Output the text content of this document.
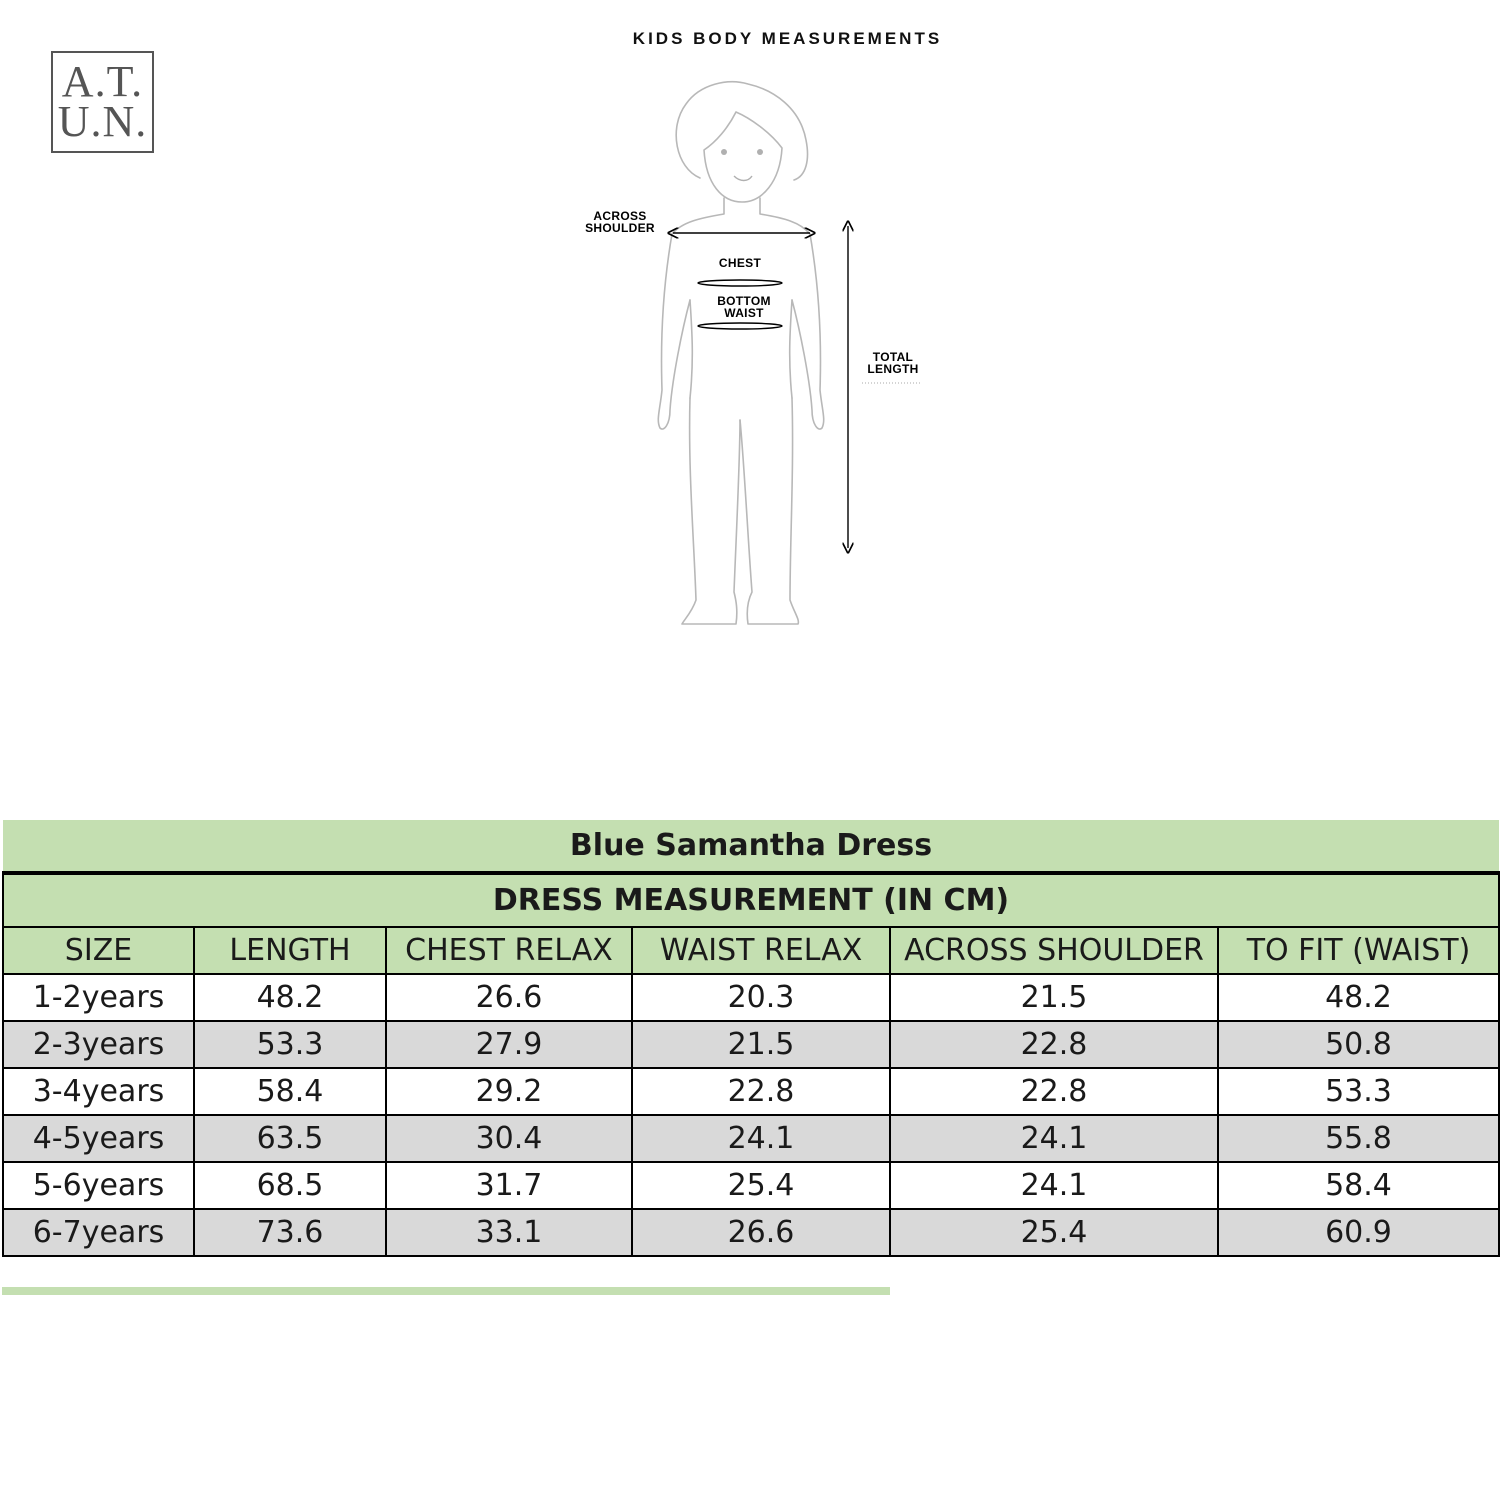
A.T.
U.N.
KIDS BODY MEASUREMENTS
ACROSS
SHOULDER
CHEST
BOTTOM
WAIST
TOTAL
LENGTH
Blue Samantha Dress					
DRESS MEASUREMENT (IN CM)					
SIZE	LENGTH	CHEST RELAX	WAIST RELAX	ACROSS SHOULDER	TO FIT (WAIST)
1-2years	48.2	26.6	20.3	21.5	48.2
2-3years	53.3	27.9	21.5	22.8	50.8
3-4years	58.4	29.2	22.8	22.8	53.3
4-5years	63.5	30.4	24.1	24.1	55.8
5-6years	68.5	31.7	25.4	24.1	58.4
6-7years	73.6	33.1	26.6	25.4	60.9
